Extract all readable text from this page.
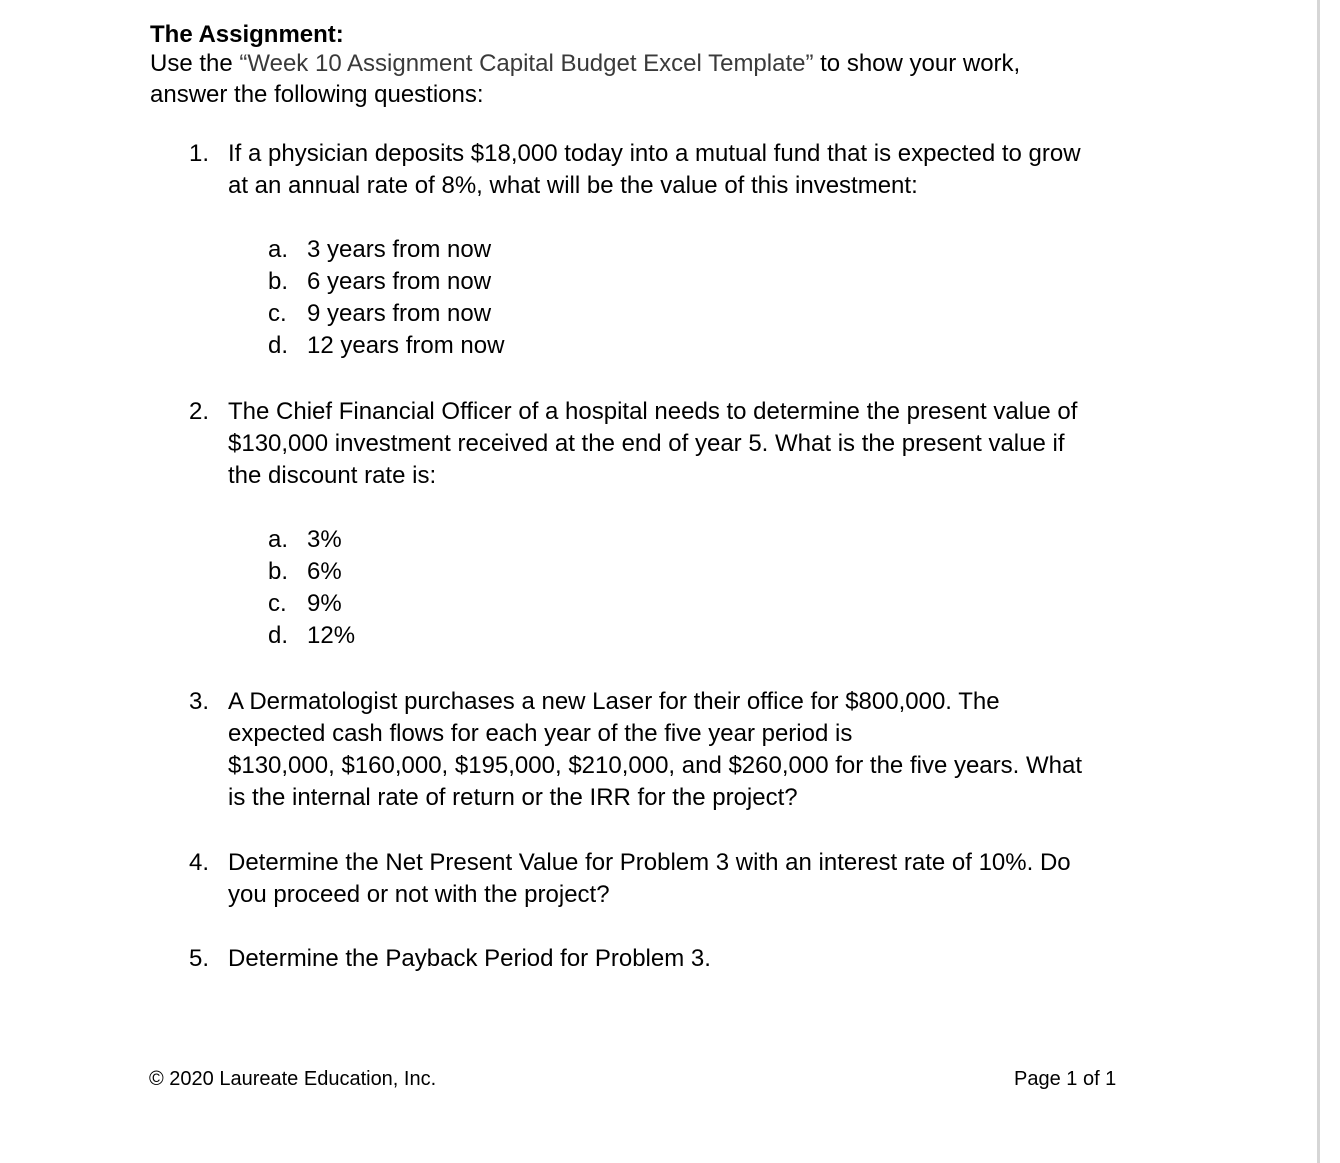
The Assignment:
Use the “Week 10 Assignment Capital Budget Excel Template” to show your work,
answer the following questions:
1. If a physician deposits $18,000 today into a mutual fund that is expected to grow
at an annual rate of 8%, what will be the value of this investment:
a. 3 years from now
b. 6 years from now
c. 9 years from now
d. 12 years from now
2. The Chief Financial Officer of a hospital needs to determine the present value of
$130,000 investment received at the end of year 5. What is the present value if
the discount rate is:
a. 3%
b. 6%
c. 9%
d. 12%
3. A Dermatologist purchases a new Laser for their office for $800,000. The
expected cash flows for each year of the five year period is
$130,000, $160,000, $195,000, $210,000, and $260,000 for the five years. What
is the internal rate of return or the IRR for the project?
4. Determine the Net Present Value for Problem 3 with an interest rate of 10%. Do
you proceed or not with the project?
5. Determine the Payback Period for Problem 3.
© 2020 Laureate Education, Inc.	Page 1 of 1
